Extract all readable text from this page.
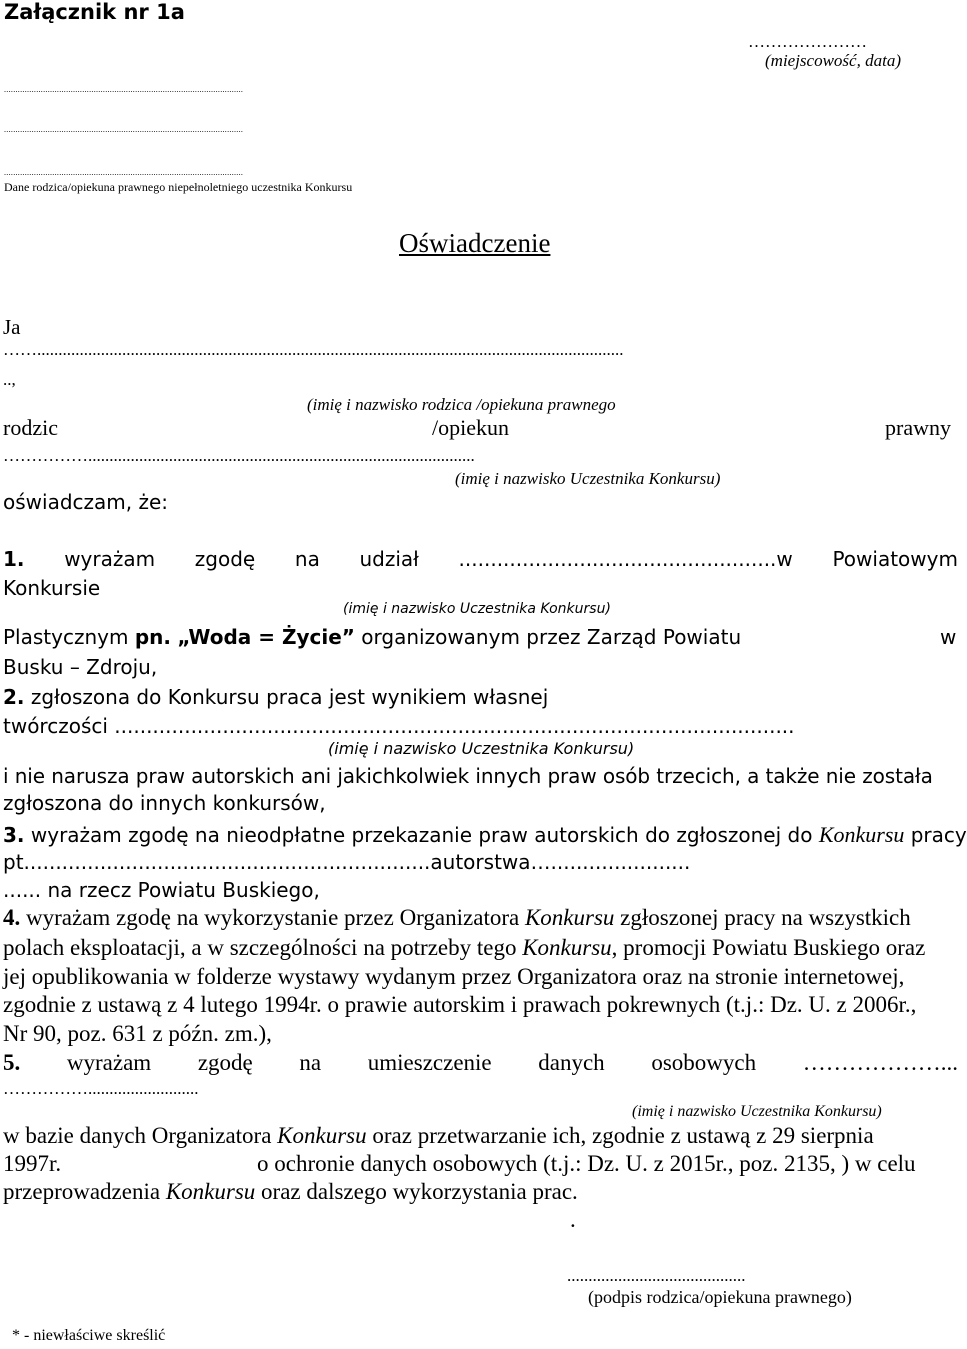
Załącznik nr 1a
…………………
(miejscowość, data)
........................................................................................................
........................................................................................................
........................................................................................................
Dane rodzica/opiekuna prawnego niepełnoletniego uczestnika Konkursu
Oświadczenie
Ja
……..........................................................................................................................................
..,
(imię i nazwisko rodzica /opiekuna prawnego
rodzic	/opiekun	prawny
……………...........................................................................................
(imię i nazwisko Uczestnika Konkursu)
oświadczam, że:
1. wyrażam zgodę na udział ..................................................w Powiatowym
Konkursie
(imię i nazwisko Uczestnika Konkursu)
Plastycznym pn. „Woda = Życie” organizowanym przez Zarząd Powiatu	w
Busku – Zdroju,
2. zgłoszona do Konkursu praca jest wynikiem własnej
twórczości ...........................................................................................................
(imię i nazwisko Uczestnika Konkursu)
i nie narusza praw autorskich ani jakichkolwiek innych praw osób trzecich, a także nie została
zgłoszona do innych konkursów,
3. wyrażam zgodę na nieodpłatne przekazanie praw autorskich do zgłoszonej do Konkursu pracy
pt................................................................autorstwa…......................
...... na rzecz Powiatu Buskiego,
4. wyrażam zgodę na wykorzystanie przez Organizatora Konkursu zgłoszonej pracy na wszystkich
polach eksploatacji, a w szczególności na potrzeby tego Konkursu, promocji Powiatu Buskiego oraz
jej opublikowania w folderze wystawy wydanym przez Organizatora oraz na stronie internetowej,
zgodnie z ustawą z 4 lutego 1994r. o prawie autorskim i prawach pokrewnych (t.j.: Dz. U. z 2006r.,
Nr 90, poz. 631 z późn. zm.),
5. wyrażam zgodę na umieszczenie danych osobowych ………………...
……………..........................
(imię i nazwisko Uczestnika Konkursu)
w bazie danych Organizatora Konkursu oraz przetwarzanie ich, zgodnie z ustawą z 29 sierpnia
1997r.	o ochronie danych osobowych (t.j.: Dz. U. z 2015r., poz. 2135, ) w celu
przeprowadzenia Konkursu oraz dalszego wykorzystania prac.
.
..........................................
(podpis rodzica/opiekuna prawnego)
* - niewłaściwe skreślić
